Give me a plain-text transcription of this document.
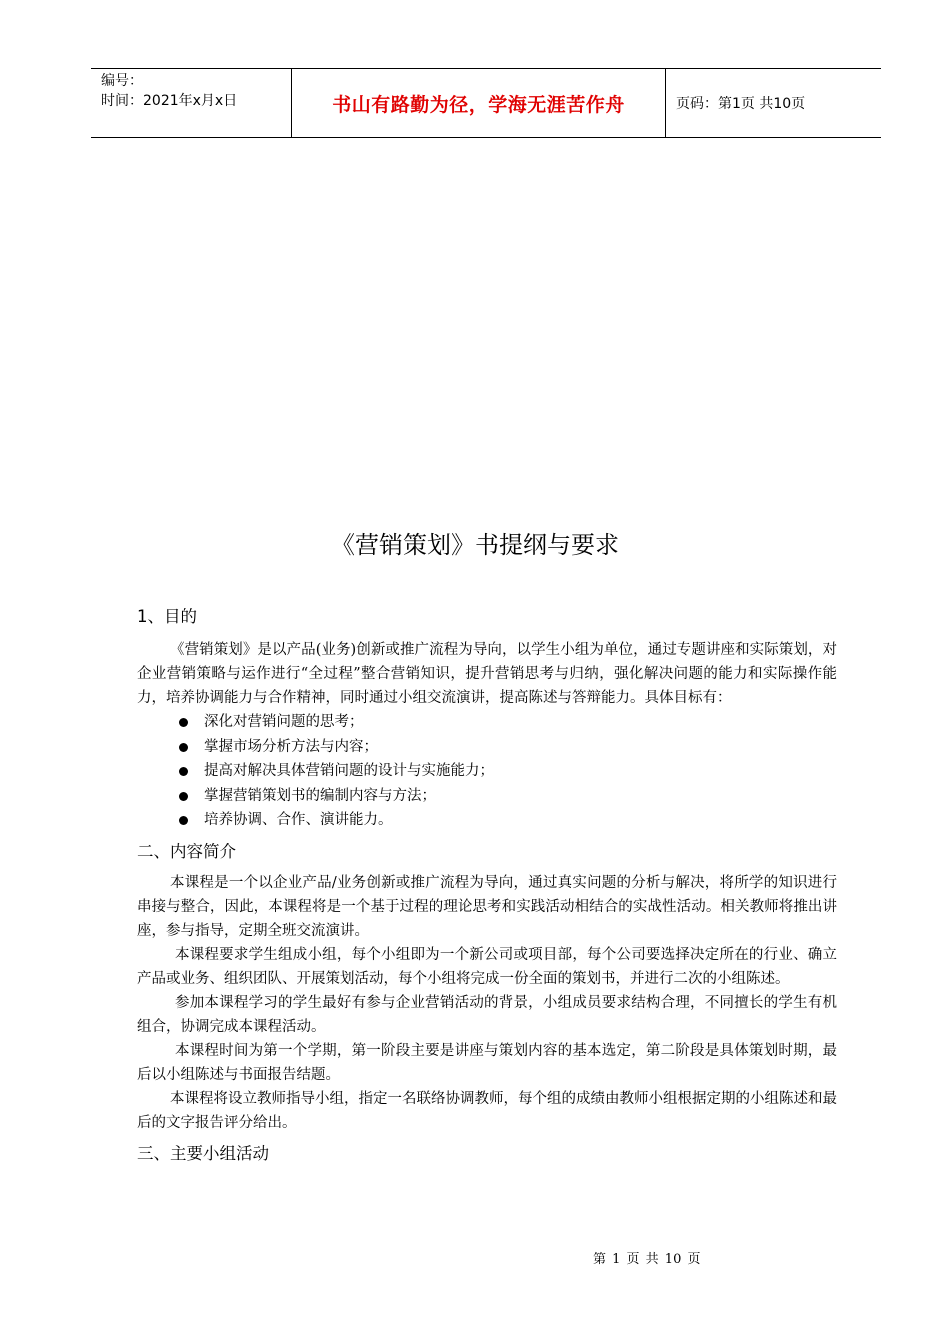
编号：
时间：2021年x月x日	书山有路勤为径，学海无涯苦作舟	页码：第1页 共10页
《营销策划》书提纲与要求
1、目的

《营销策划》是以产品(业务)创新或推广流程为导向，以学生小组为单位，通过专题讲座和实际策划，对企业营销策略与运作进行“全过程”整合营销知识，提升营销思考与归纳，强化解决问题的能力和实际操作能力，培养协调能力与合作精神，同时通过小组交流演讲，提高陈述与答辩能力。具体目标有：

深化对营销问题的思考；
掌握市场分析方法与内容；
提高对解决具体营销问题的设计与实施能力；
掌握营销策划书的编制内容与方法；
培养协调、合作、演讲能力。
二、内容简介

本课程是一个以企业产品/业务创新或推广流程为导向，通过真实问题的分析与解决，将所学的知识进行串接与整合，因此，本课程将是一个基于过程的理论思考和实践活动相结合的实战性活动。相关教师将推出讲座，参与指导，定期全班交流演讲。

本课程要求学生组成小组，每个小组即为一个新公司或项目部，每个公司要选择决定所在的行业、确立产品或业务、组织团队、开展策划活动，每个小组将完成一份全面的策划书，并进行二次的小组陈述。

参加本课程学习的学生最好有参与企业营销活动的背景，小组成员要求结构合理，不同擅长的学生有机组合，协调完成本课程活动。

本课程时间为第一个学期，第一阶段主要是讲座与策划内容的基本选定，第二阶段是具体策划时期，最后以小组陈述与书面报告结题。

本课程将设立教师指导小组，指定一名联络协调教师，每个组的成绩由教师小组根据定期的小组陈述和最后的文字报告评分给出。

三、主要小组活动
第 1 页 共 10 页
